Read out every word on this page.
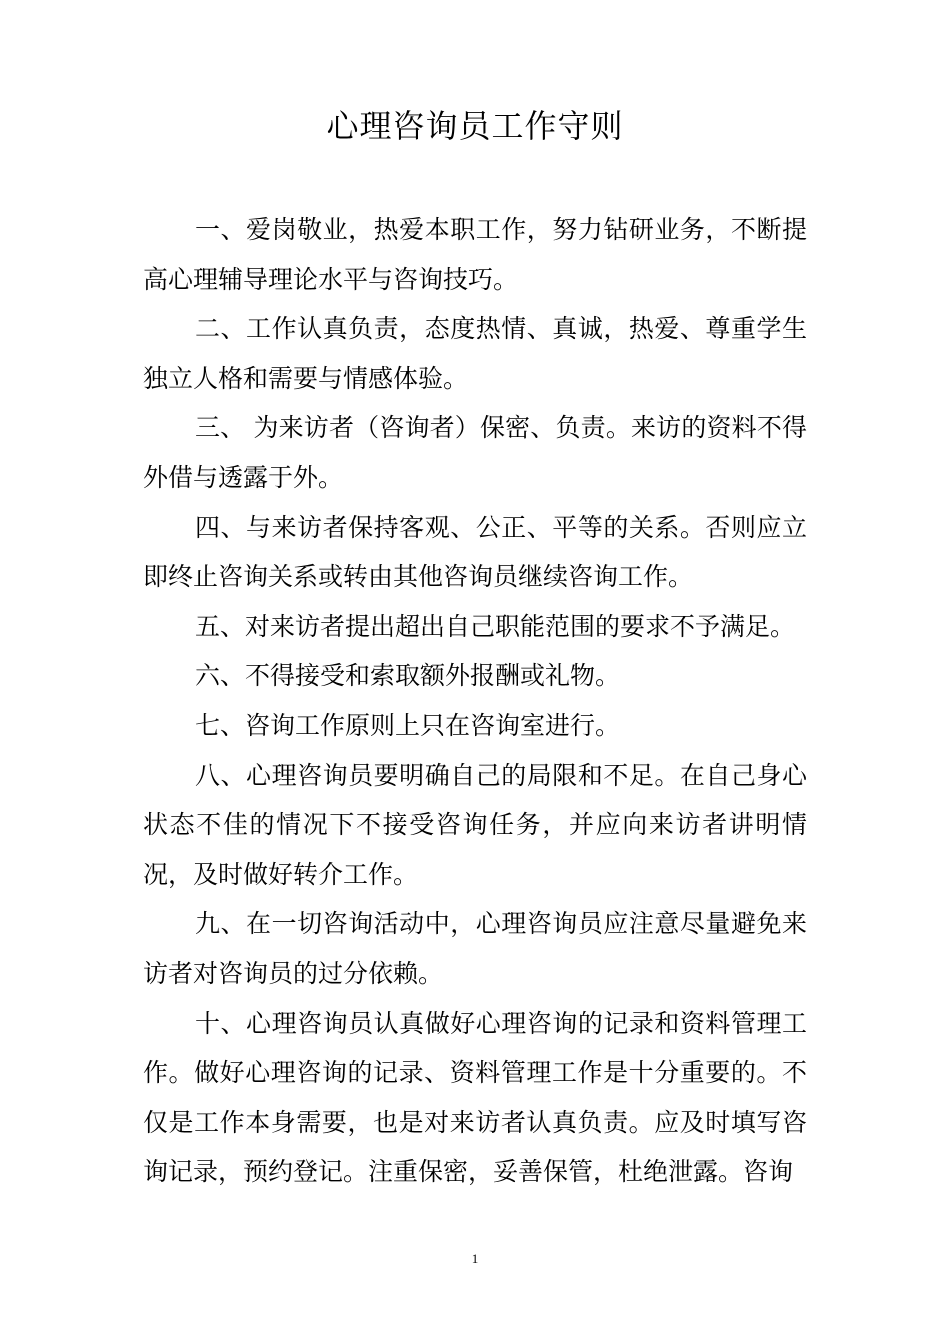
心理咨询员工作守则

一、爱岗敬业，热爱本职工作，努力钻研业务，不断提高心理辅导理论水平与咨询技巧。

二、工作认真负责，态度热情、真诚，热爱、尊重学生独立人格和需要与情感体验。

三、 为来访者（咨询者）保密、负责。来访的资料不得外借与透露于外。

四、与来访者保持客观、公正、平等的关系。否则应立即终止咨询关系或转由其他咨询员继续咨询工作。

五、对来访者提出超出自己职能范围的要求不予满足。

六、不得接受和索取额外报酬或礼物。

七、咨询工作原则上只在咨询室进行。

八、心理咨询员要明确自己的局限和不足。在自己身心状态不佳的情况下不接受咨询任务，并应向来访者讲明情况，及时做好转介工作。

九、在一切咨询活动中，心理咨询员应注意尽量避免来访者对咨询员的过分依赖。

十、心理咨询员认真做好心理咨询的记录和资料管理工作。做好心理咨询的记录、资料管理工作是十分重要的。不仅是工作本身需要，也是对来访者认真负责。应及时填写咨询记录，预约登记。注重保密，妥善保管，杜绝泄露。咨询

1
